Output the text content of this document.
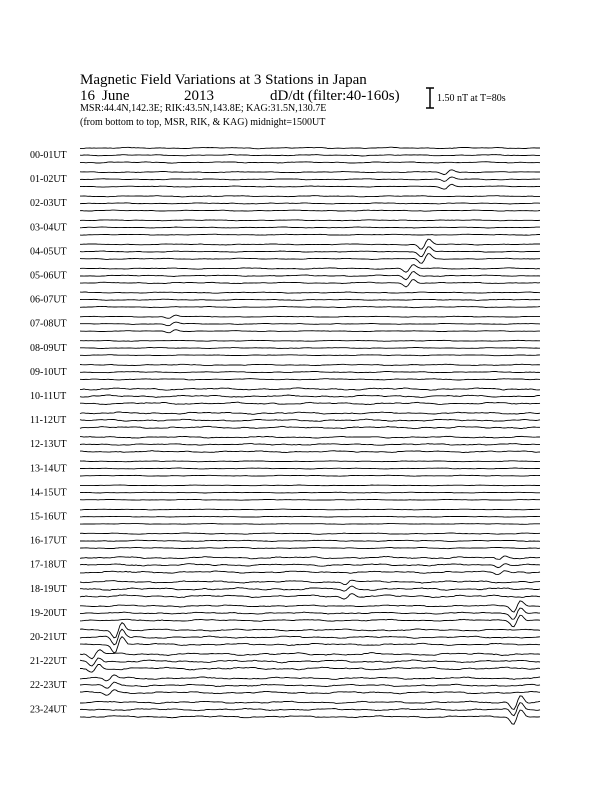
Magnetic Field Variations at 3 Stations in Japan
16 June	2013	dD/dt (filter:40-160s)
MSR:44.4N,142.3E; RIK:43.5N,143.8E; KAG:31.5N,130.7E
(from bottom to top, MSR, RIK, & KAG) midnight=1500UT
1.50 nT at T=80s
00-01UT
01-02UT
02-03UT
03-04UT
04-05UT
05-06UT
06-07UT
07-08UT
08-09UT
09-10UT
10-11UT
11-12UT
12-13UT
13-14UT
14-15UT
15-16UT
16-17UT
17-18UT
18-19UT
19-20UT
20-21UT
21-22UT
22-23UT
23-24UT
